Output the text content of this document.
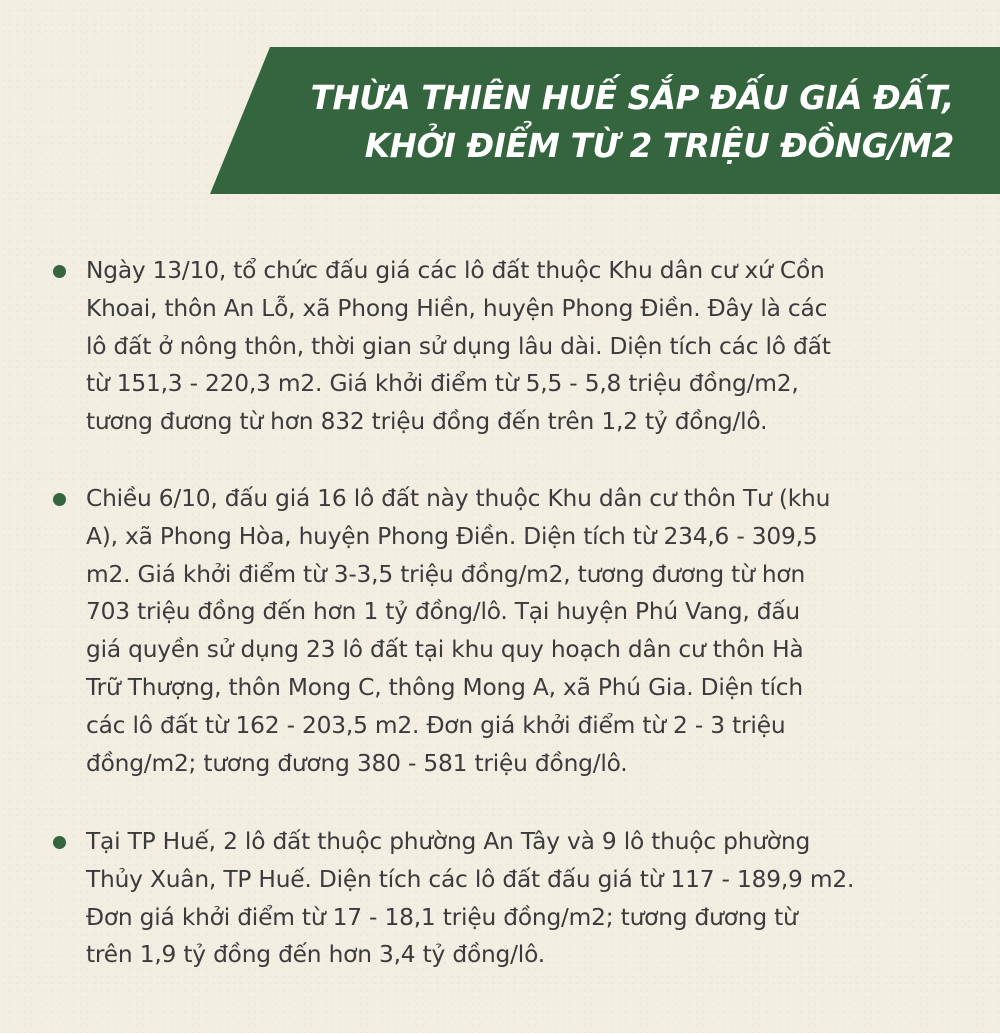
THỪA THIÊN HUẾ SẮP ĐẤU GIÁ ĐẤT,
KHỞI ĐIỂM TỪ 2 TRIỆU ĐỒNG/M2
Ngày 13/10, tổ chức đấu giá các lô đất thuộc Khu dân cư xứ Cồn
Khoai, thôn An Lỗ, xã Phong Hiền, huyện Phong Điền. Đây là các
lô đất ở nông thôn, thời gian sử dụng lâu dài. Diện tích các lô đất
từ 151,3 - 220,3 m2. Giá khởi điểm từ 5,5 - 5,8 triệu đồng/m2,
tương đương từ hơn 832 triệu đồng đến trên 1,2 tỷ đồng/lô.
Chiều 6/10, đấu giá 16 lô đất này thuộc Khu dân cư thôn Tư (khu
A), xã Phong Hòa, huyện Phong Điền. Diện tích từ 234,6 - 309,5
m2. Giá khởi điểm từ 3-3,5 triệu đồng/m2, tương đương từ hơn
703 triệu đồng đến hơn 1 tỷ đồng/lô. Tại huyện Phú Vang, đấu
giá quyền sử dụng 23 lô đất tại khu quy hoạch dân cư thôn Hà
Trữ Thượng, thôn Mong C, thông Mong A, xã Phú Gia. Diện tích
các lô đất từ 162 - 203,5 m2. Đơn giá khởi điểm từ 2 - 3 triệu
đồng/m2; tương đương 380 - 581 triệu đồng/lô.
Tại TP Huế, 2 lô đất thuộc phường An Tây và 9 lô thuộc phường
Thủy Xuân, TP Huế. Diện tích các lô đất đấu giá từ 117 - 189,9 m2.
Đơn giá khởi điểm từ 17 - 18,1 triệu đồng/m2; tương đương từ
trên 1,9 tỷ đồng đến hơn 3,4 tỷ đồng/lô.
